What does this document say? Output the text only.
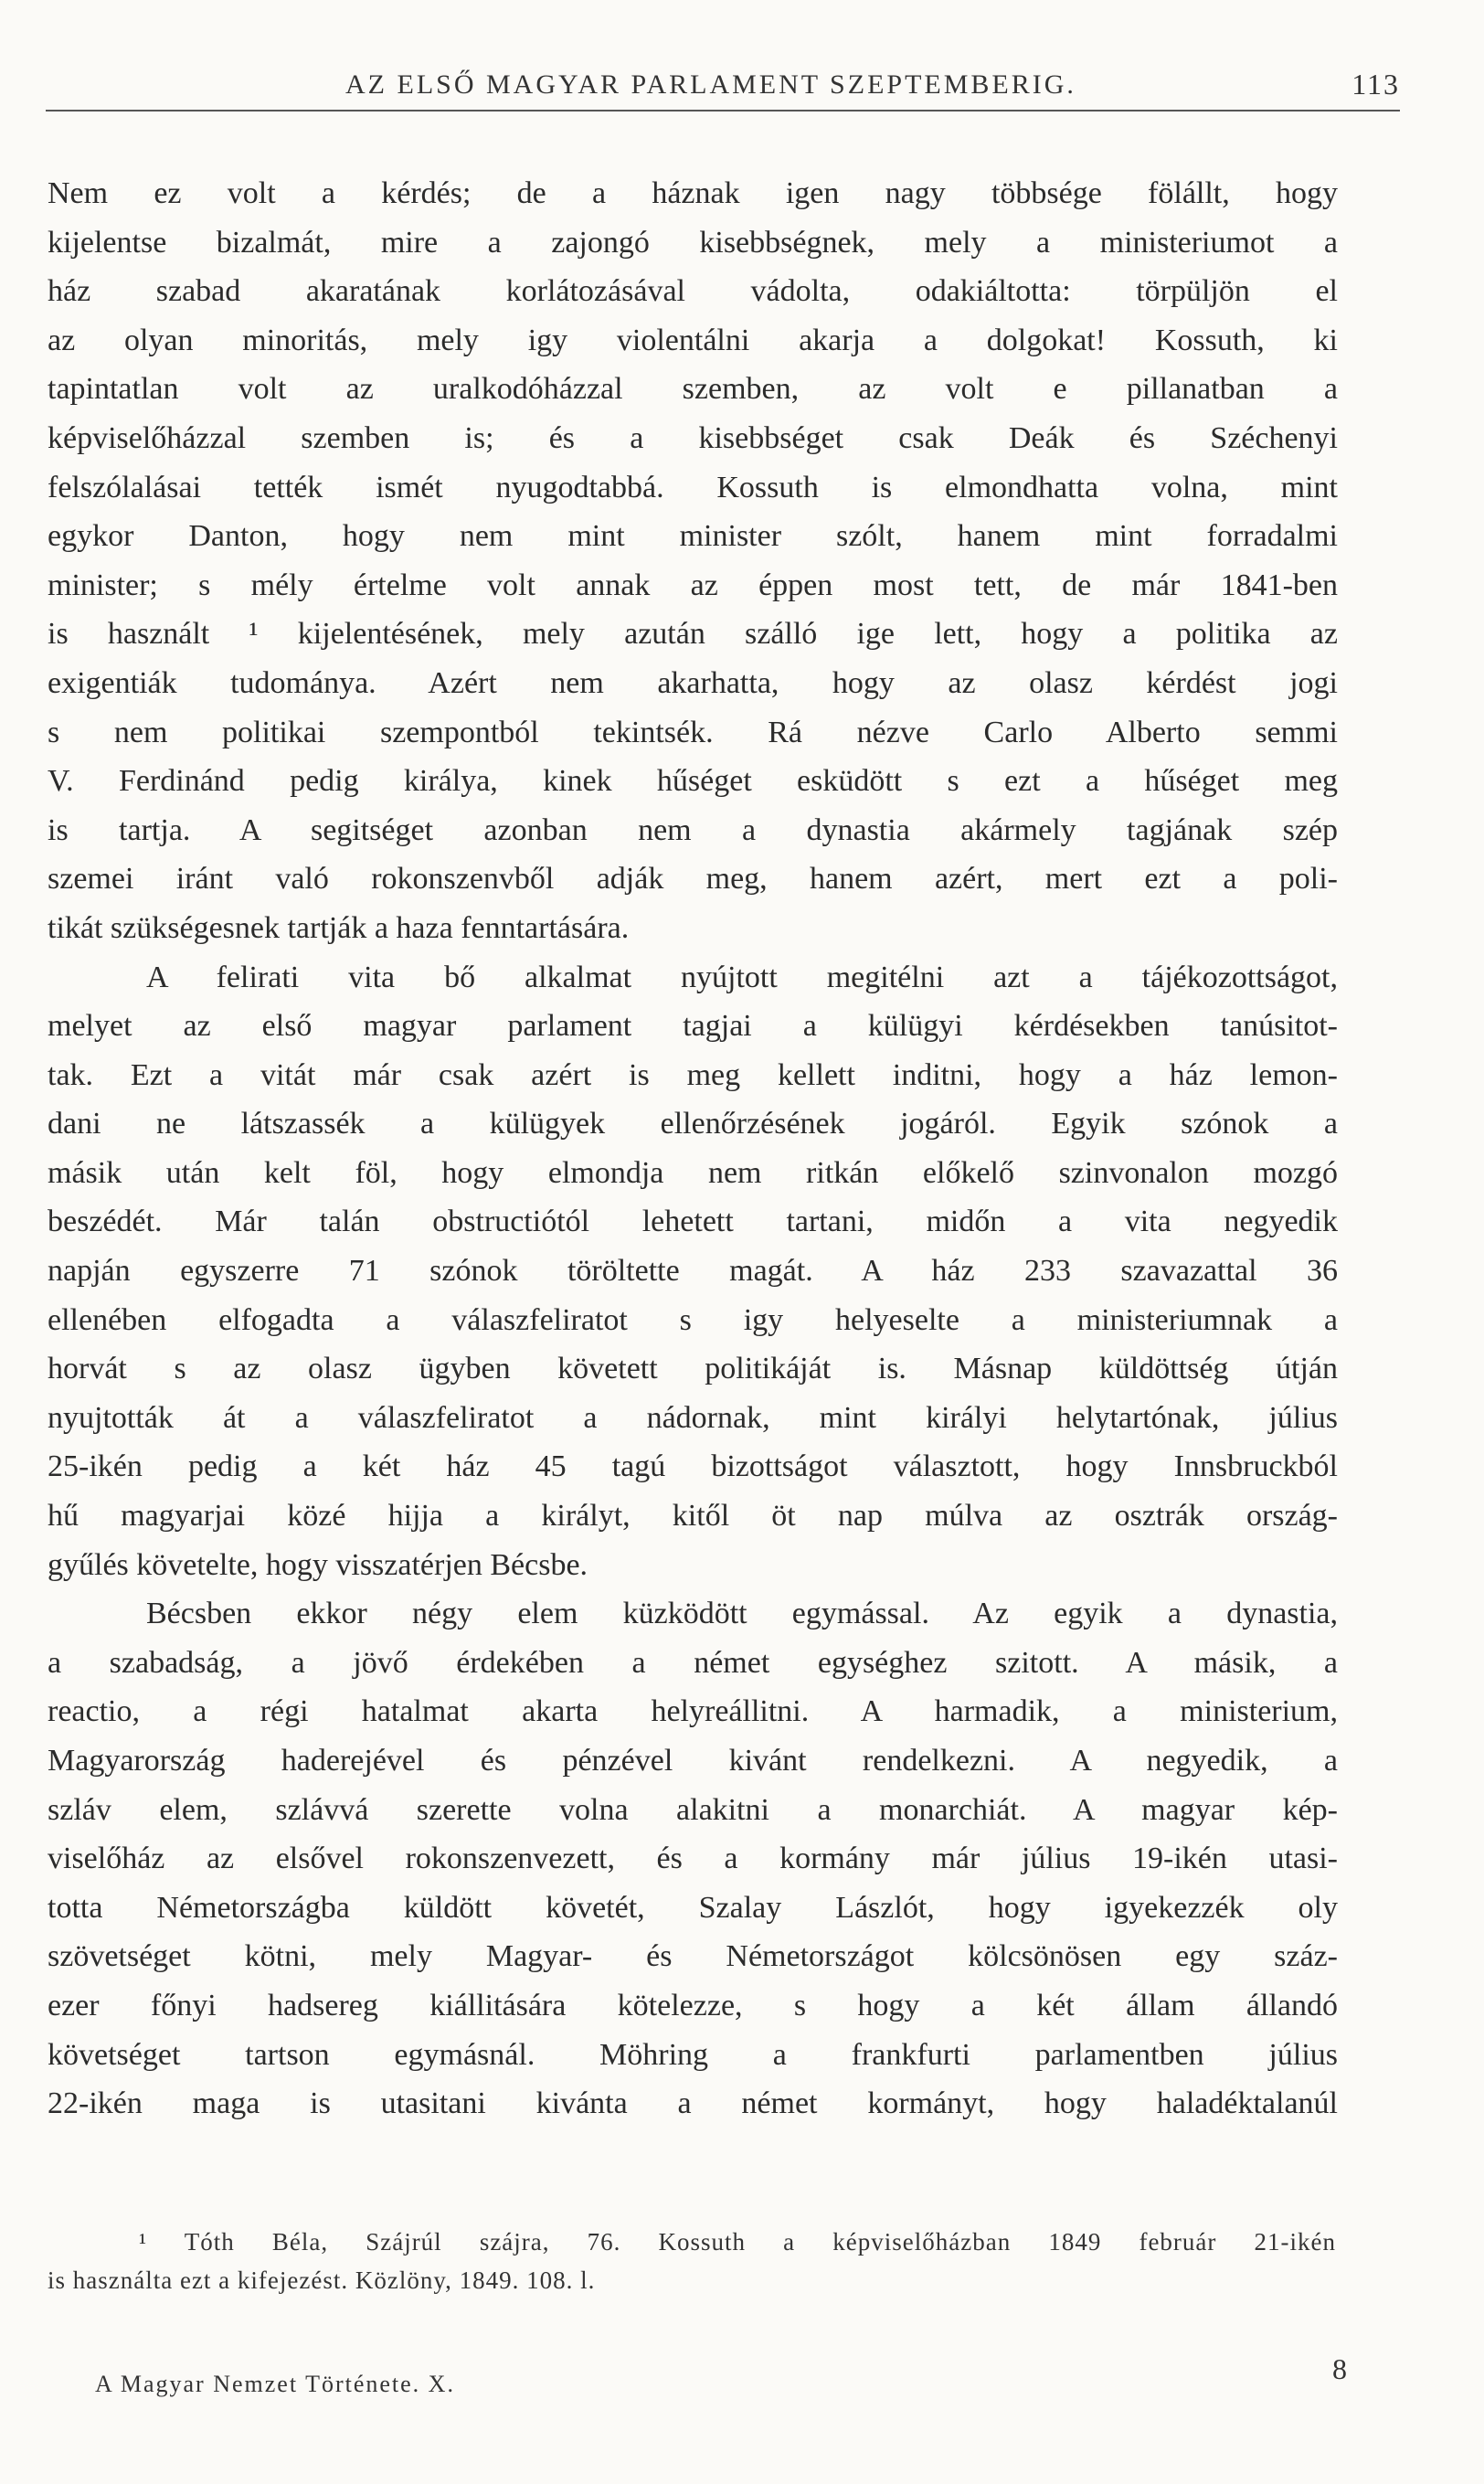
AZ ELSŐ MAGYAR PARLAMENT SZEPTEMBERIG.	113
Nem ez volt a kérdés; de a háznak igen nagy többsége fölállt, hogy
kijelentse bizalmát, mire a zajongó kisebbségnek, mely a ministeriumot a
ház szabad akaratának korlátozásával vádolta, odakiáltotta: törpüljön el
az olyan minoritás, mely igy violentálni akarja a dolgokat! Kossuth, ki
tapintatlan volt az uralkodóházzal szemben, az volt e pillanatban a
képviselőházzal szemben is; és a kisebbséget csak Deák és Széchenyi
felszólalásai tették ismét nyugodtabbá. Kossuth is elmondhatta volna, mint
egykor Danton, hogy nem mint minister szólt, hanem mint forradalmi
minister; s mély értelme volt annak az éppen most tett, de már 1841-ben
is használt ¹ kijelentésének, mely azután szálló ige lett, hogy a politika az
exigentiák tudománya. Azért nem akarhatta, hogy az olasz kérdést jogi
s nem politikai szempontból tekintsék. Rá nézve Carlo Alberto semmi
V. Ferdinánd pedig királya, kinek hűséget esküdött s ezt a hűséget meg
is tartja. A segitséget azonban nem a dynastia akármely tagjának szép
szemei iránt való rokonszenvből adják meg, hanem azért, mert ezt a poli-
tikát szükségesnek tartják a haza fenntartására.
A felirati vita bő alkalmat nyújtott megitélni azt a tájékozottságot,
melyet az első magyar parlament tagjai a külügyi kérdésekben tanúsitot-
tak. Ezt a vitát már csak azért is meg kellett inditni, hogy a ház lemon-
dani ne látszassék a külügyek ellenőrzésének jogáról. Egyik szónok a
másik után kelt föl, hogy elmondja nem ritkán előkelő szinvonalon mozgó
beszédét. Már talán obstructiótól lehetett tartani, midőn a vita negyedik
napján egyszerre 71 szónok töröltette magát. A ház 233 szavazattal 36
ellenében elfogadta a válaszfeliratot s igy helyeselte a ministeriumnak a
horvát s az olasz ügyben követett politikáját is. Másnap küldöttség útján
nyujtották át a válaszfeliratot a nádornak, mint királyi helytartónak, július
25-ikén pedig a két ház 45 tagú bizottságot választott, hogy Innsbruckból
hű magyarjai közé hijja a királyt, kitől öt nap múlva az osztrák ország-
gyűlés követelte, hogy visszatérjen Bécsbe.
Bécsben ekkor négy elem küzködött egymással. Az egyik a dynastia,
a szabadság, a jövő érdekében a német egységhez szitott. A másik, a
reactio, a régi hatalmat akarta helyreállitni. A harmadik, a ministerium,
Magyarország haderejével és pénzével kivánt rendelkezni. A negyedik, a
szláv elem, szlávvá szerette volna alakitni a monarchiát. A magyar kép-
viselőház az elsővel rokonszenvezett, és a kormány már július 19-ikén utasi-
totta Németországba küldött követét, Szalay Lászlót, hogy igyekezzék oly
szövetséget kötni, mely Magyar- és Németországot kölcsönösen egy száz-
ezer főnyi hadsereg kiállitására kötelezze, s hogy a két állam állandó
követséget tartson egymásnál. Möhring a frankfurti parlamentben július
22-ikén maga is utasitani kivánta a német kormányt, hogy haladéktalanúl
¹ Tóth Béla, Szájrúl szájra, 76. Kossuth a képviselőházban 1849 február 21-ikén
is használta ezt a kifejezést. Közlöny, 1849. 108. l.
A Magyar Nemzet Története. X.	8
